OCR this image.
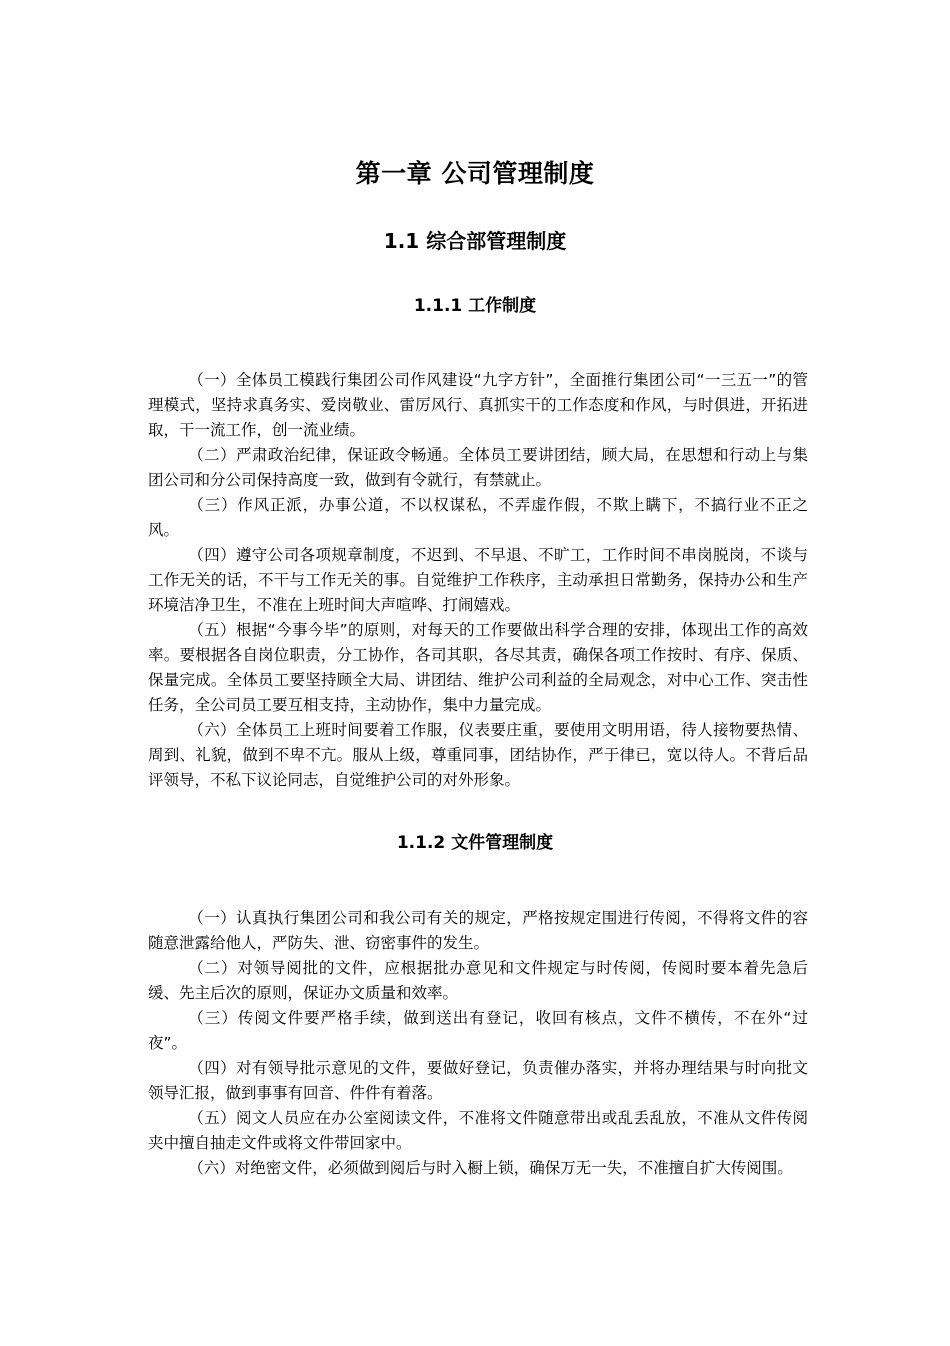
第一章 公司管理制度
1.1 综合部管理制度
1.1.1 工作制度

（一）全体员工模践行集团公司作风建设“九字方针”，全面推行集团公司“一三五一”的管理模式，坚持求真务实、爱岗敬业、雷厉风行、真抓实干的工作态度和作风，与时俱进，开拓进取，干一流工作，创一流业绩。

（二）严肃政治纪律，保证政令畅通。全体员工要讲团结，顾大局，在思想和行动上与集团公司和分公司保持高度一致，做到有令就行，有禁就止。

（三）作风正派，办事公道，不以权谋私，不弄虚作假，不欺上瞒下，不搞行业不正之风。

（四）遵守公司各项规章制度，不迟到、不早退、不旷工，工作时间不串岗脱岗，不谈与工作无关的话，不干与工作无关的事。自觉维护工作秩序，主动承担日常勤务，保持办公和生产环境洁净卫生，不准在上班时间大声喧哗、打闹嬉戏。

（五）根据“今事今毕”的原则，对每天的工作要做出科学合理的安排，体现出工作的高效率。要根据各自岗位职责，分工协作，各司其职，各尽其责，确保各项工作按时、有序、保质、保量完成。全体员工要坚持顾全大局、讲团结、维护公司利益的全局观念，对中心工作、突击性任务，全公司员工要互相支持，主动协作，集中力量完成。

（六）全体员工上班时间要着工作服，仪表要庄重，要使用文明用语，待人接物要热情、周到、礼貌，做到不卑不亢。服从上级，尊重同事，团结协作，严于律已，宽以待人。不背后品评领导，不私下议论同志，自觉维护公司的对外形象。

1.1.2 文件管理制度

（一）认真执行集团公司和我公司有关的规定，严格按规定围进行传阅，不得将文件的容随意泄露给他人，严防失、泄、窃密事件的发生。

（二）对领导阅批的文件，应根据批办意见和文件规定与时传阅，传阅时要本着先急后缓、先主后次的原则，保证办文质量和效率。

（三）传阅文件要严格手续，做到送出有登记，收回有核点，文件不横传，不在外“过夜”。

（四）对有领导批示意见的文件，要做好登记，负责催办落实，并将办理结果与时向批文领导汇报，做到事事有回音、件件有着落。

（五）阅文人员应在办公室阅读文件，不准将文件随意带出或乱丢乱放，不准从文件传阅夹中擅自抽走文件或将文件带回家中。

（六）对绝密文件，必须做到阅后与时入橱上锁，确保万无一失，不准擅自扩大传阅围。
